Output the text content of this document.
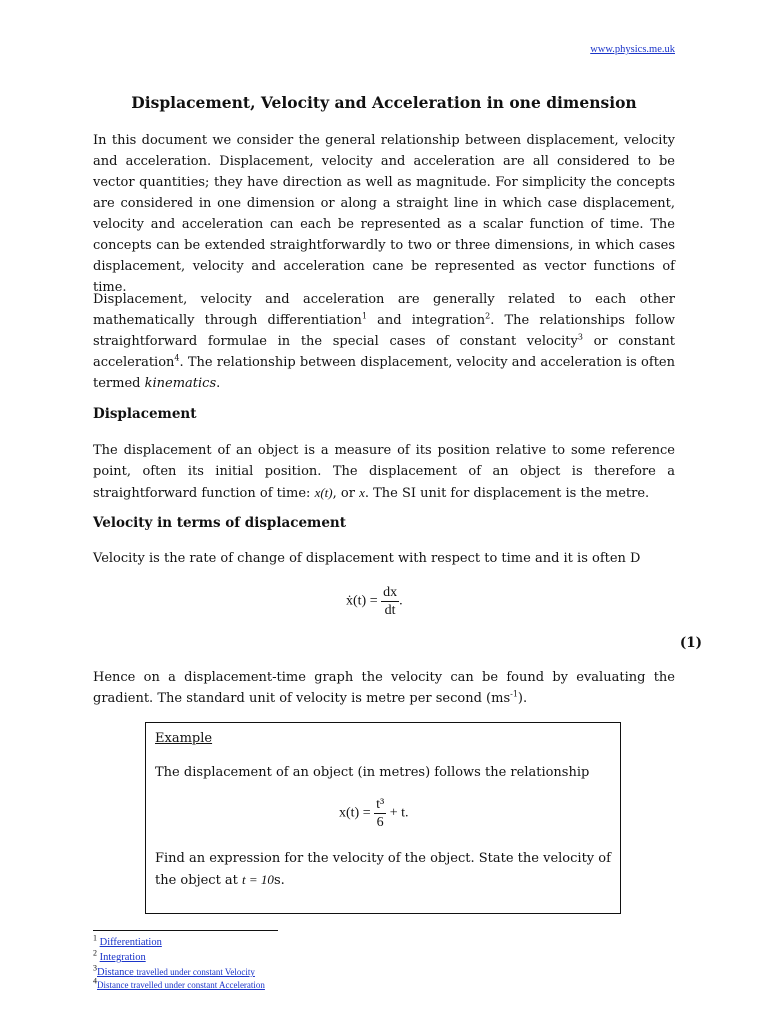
www.physics.me.uk
Displacement, Velocity and Acceleration in one dimension

In this document we consider the general relationship between displacement, velocity and acceleration. Displacement, velocity and acceleration are all considered to be vector quantities; they have direction as well as magnitude. For simplicity the concepts are considered in one dimension or along a straight line in which case displacement, velocity and acceleration can each be represented as a scalar function of time. The concepts can be extended straightforwardly to two or three dimensions, in which cases displacement, velocity and acceleration cane be represented as vector functions of time.

Displacement, velocity and acceleration are generally related to each other mathematically through differentiation$^1$ and integration$^2$. The relationships follow straightforward formulae in the special cases of constant velocity$^3$ or constant acceleration$^4$. The relationship between displacement, velocity and acceleration is often termed kinematics.

Displacement

The displacement of an object is a measure of its position relative to some reference point, often its initial position. The displacement of an object is therefore a straightforward function of time: x(t), or x. The SI unit for displacement is the metre.

Velocity in terms of displacement

Velocity is the rate of change of displacement with respect to time and it is often D

ẋ(t) = $\frac{dx}{dt}$ .
(1)

Hence on a displacement-time graph the velocity can be found by evaluating the gradient. The standard unit of velocity is metre per second $(ms^{-1})$.

Example
The displacement of an object (in metres) follows the relationship
$x(t) = \frac{\text{t³}}{6} + t$.
Find an expression for the velocity of the object. State the velocity of the object at t = 10s.
$^1$ Differentiation
$^2$ Integration
$^3$Distance travelled under constant Velocity
$^4$Distance travelled under constant Acceleration
